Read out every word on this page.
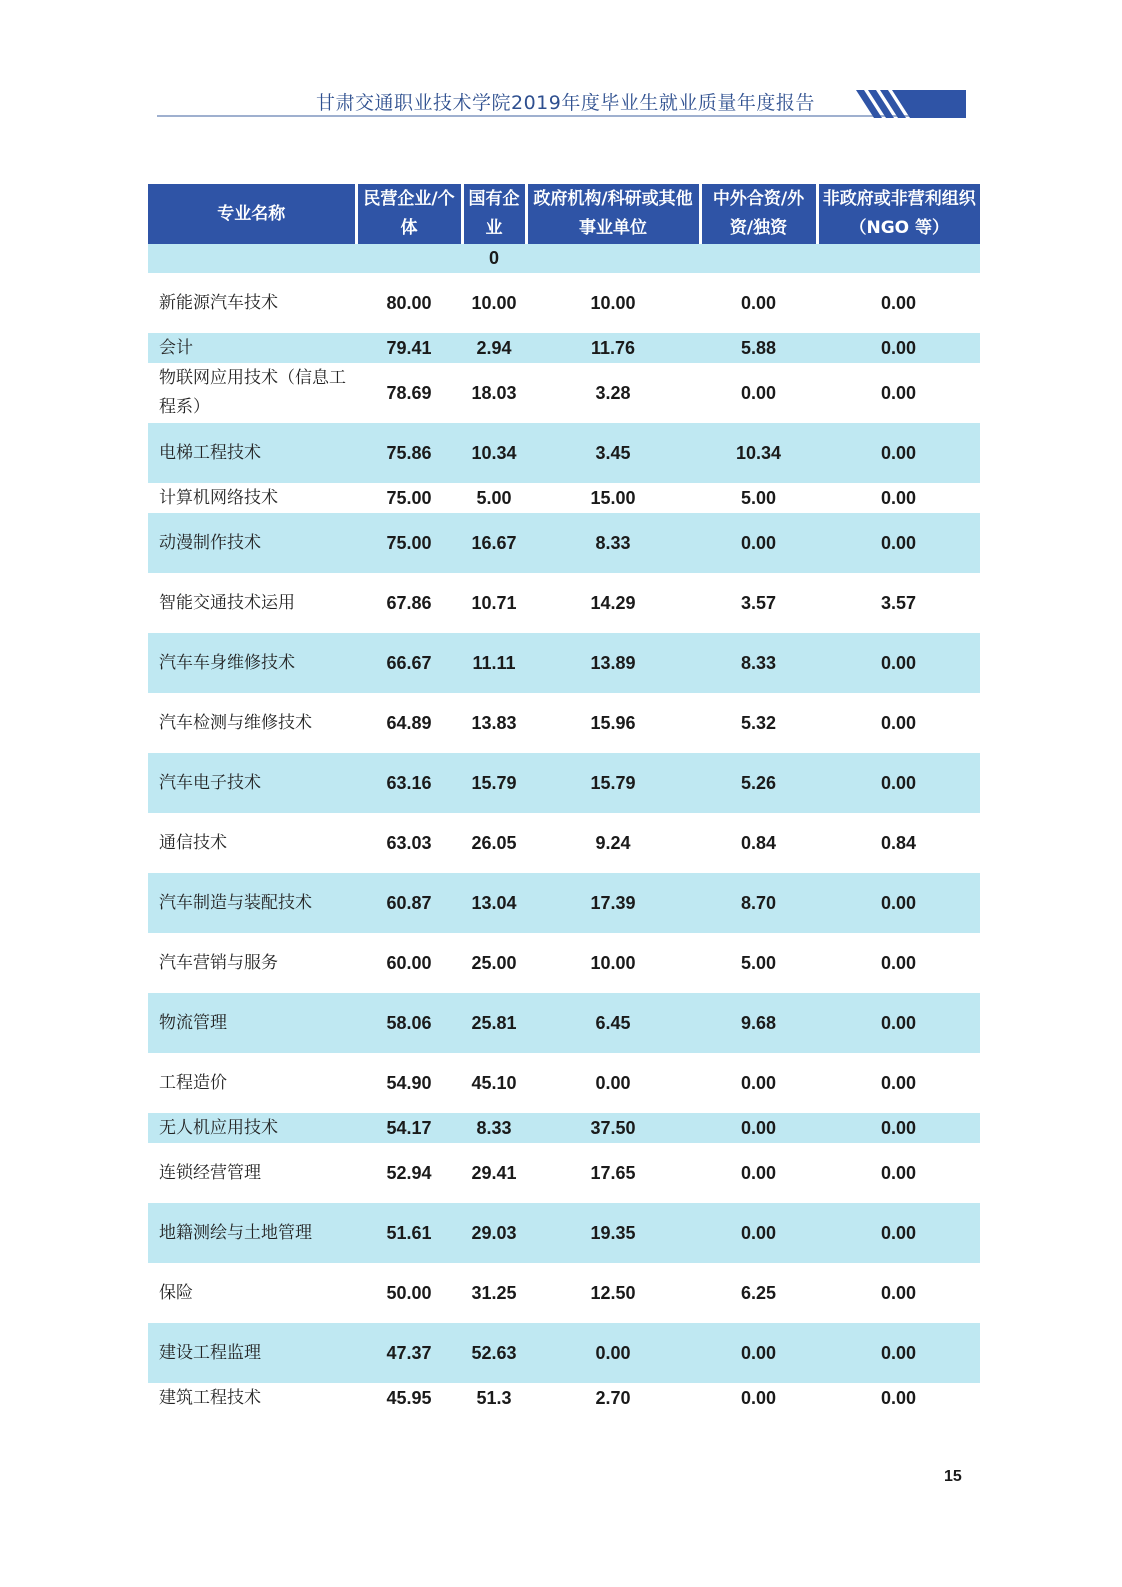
甘肃交通职业技术学院2019年度毕业生就业质量年度报告
专业名称	民营企业/个体	国有企业	政府机构/科研或其他事业单位	中外合资/外资/独资	非政府或非营利组织（NGO 等）
		0			
新能源汽车技术	80.00	10.00	10.00	0.00	0.00
会计	79.41	2.94	11.76	5.88	0.00
物联网应用技术（信息工程系）	78.69	18.03	3.28	0.00	0.00
电梯工程技术	75.86	10.34	3.45	10.34	0.00
计算机网络技术	75.00	5.00	15.00	5.00	0.00
动漫制作技术	75.00	16.67	8.33	0.00	0.00
智能交通技术运用	67.86	10.71	14.29	3.57	3.57
汽车车身维修技术	66.67	11.11	13.89	8.33	0.00
汽车检测与维修技术	64.89	13.83	15.96	5.32	0.00
汽车电子技术	63.16	15.79	15.79	5.26	0.00
通信技术	63.03	26.05	9.24	0.84	0.84
汽车制造与装配技术	60.87	13.04	17.39	8.70	0.00
汽车营销与服务	60.00	25.00	10.00	5.00	0.00
物流管理	58.06	25.81	6.45	9.68	0.00
工程造价	54.90	45.10	0.00	0.00	0.00
无人机应用技术	54.17	8.33	37.50	0.00	0.00
连锁经营管理	52.94	29.41	17.65	0.00	0.00
地籍测绘与土地管理	51.61	29.03	19.35	0.00	0.00
保险	50.00	31.25	12.50	6.25	0.00
建设工程监理	47.37	52.63	0.00	0.00	0.00
建筑工程技术	45.95	51.3	2.70	0.00	0.00
15
